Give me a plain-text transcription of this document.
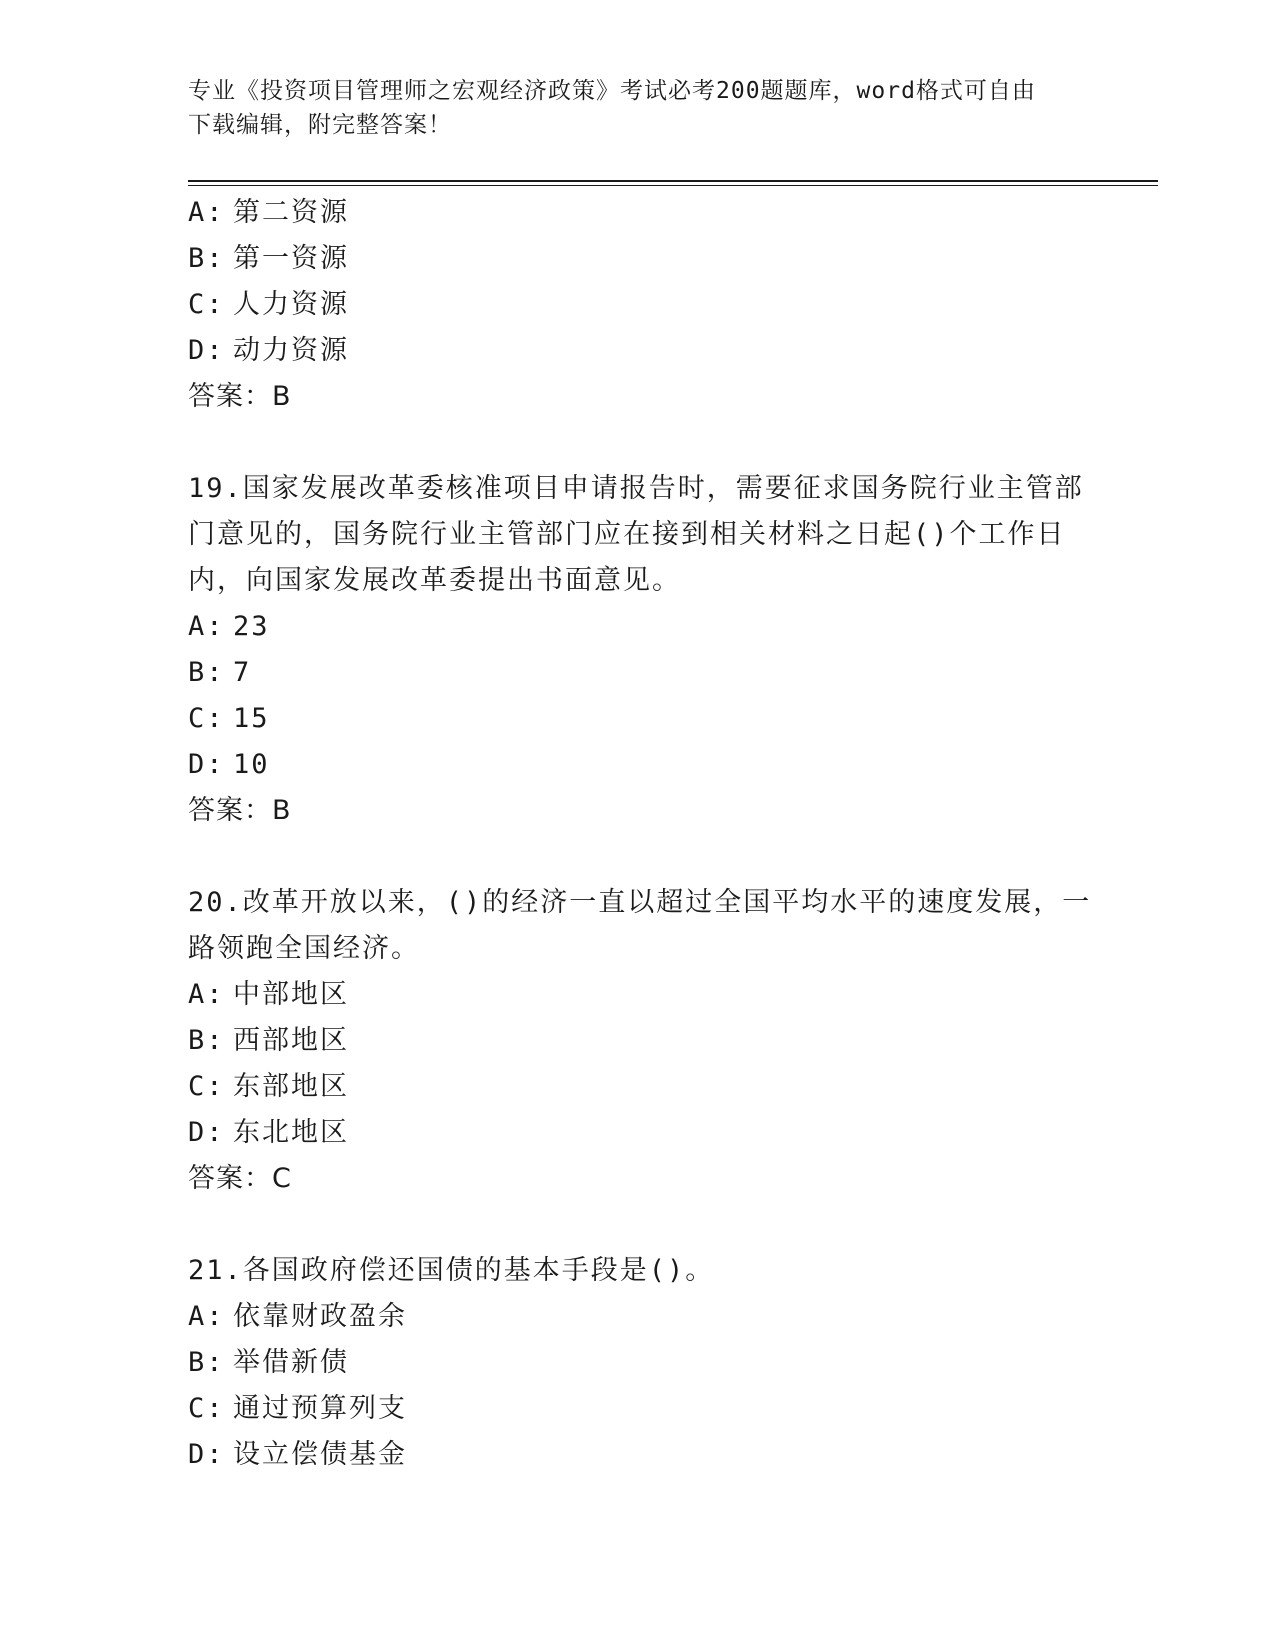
专业《投资项目管理师之宏观经济政策》考试必考200题题库，word格式可自由
下载编辑，附完整答案！
A: 第二资源
B: 第一资源
C: 人力资源
D: 动力资源
答案：B
19.国家发展改革委核准项目申请报告时，需要征求国务院行业主管部
门意见的，国务院行业主管部门应在接到相关材料之日起()个工作日
内，向国家发展改革委提出书面意见。
A: 23
B: 7
C: 15
D: 10
答案：B
20.改革开放以来，()的经济一直以超过全国平均水平的速度发展，一
路领跑全国经济。
A: 中部地区
B: 西部地区
C: 东部地区
D: 东北地区
答案：C
21.各国政府偿还国债的基本手段是()。
A: 依靠财政盈余
B: 举借新债
C: 通过预算列支
D: 设立偿债基金
